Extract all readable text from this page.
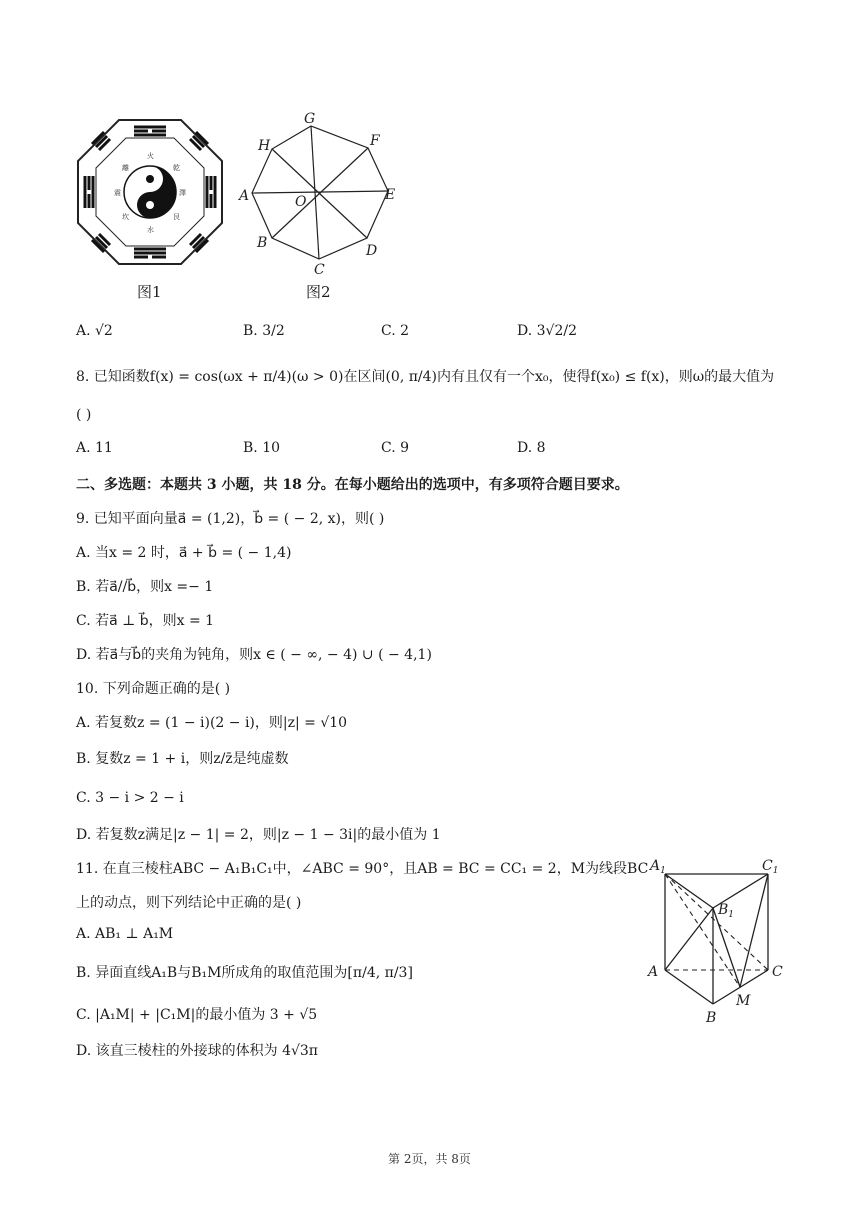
火
水
震	澤
離	乾
坎	艮
G
F
E
D
C
B
A
H
O
图1	图2
A. √2	B. 3/2	C. 2	D. 3√2/2
8. 已知函数f(x) = cos(ωx + π/4)(ω > 0)在区间(0, π/4)内有且仅有一个x₀，使得f(x₀) ≤ f(x)，则ω的最大值为
( )
A. 11	B. 10	C. 9	D. 8
二、多选题：本题共 3 小题，共 18 分。在每小题给出的选项中，有多项符合题目要求。
9. 已知平面向量a⃗ = (1,2)，b⃗ = ( − 2, x)，则( )
A. 当x = 2 时，a⃗ + b⃗ = ( − 1,4)
B. 若a⃗//b⃗，则x =− 1
C. 若a⃗ ⊥ b⃗，则x = 1
D. 若a⃗与b⃗的夹角为钝角，则x ∈ ( − ∞, − 4) ∪ ( − 4,1)
10. 下列命题正确的是( )
A. 若复数z = (1 − i)(2 − i)，则|z| = √10
B. 复数z = 1 + i，则z/z̄是纯虚数
C. 3 − i > 2 − i
D. 若复数z满足|z − 1| = 2，则|z − 1 − 3i|的最小值为 1
11. 在直三棱柱ABC − A₁B₁C₁中，∠ABC = 90°，且AB = BC = CC₁ = 2，M为线段BC
上的动点，则下列结论中正确的是( )
A. AB₁ ⊥ A₁M
B. 异面直线A₁B与B₁M所成角的取值范围为[π/4, π/3]
C. |A₁M| + |C₁M|的最小值为 3 + √5
D. 该直三棱柱的外接球的体积为 4√3π
$A_1$	$C_1$
$B_1$
A
B
C
M
第 2页，共 8页
